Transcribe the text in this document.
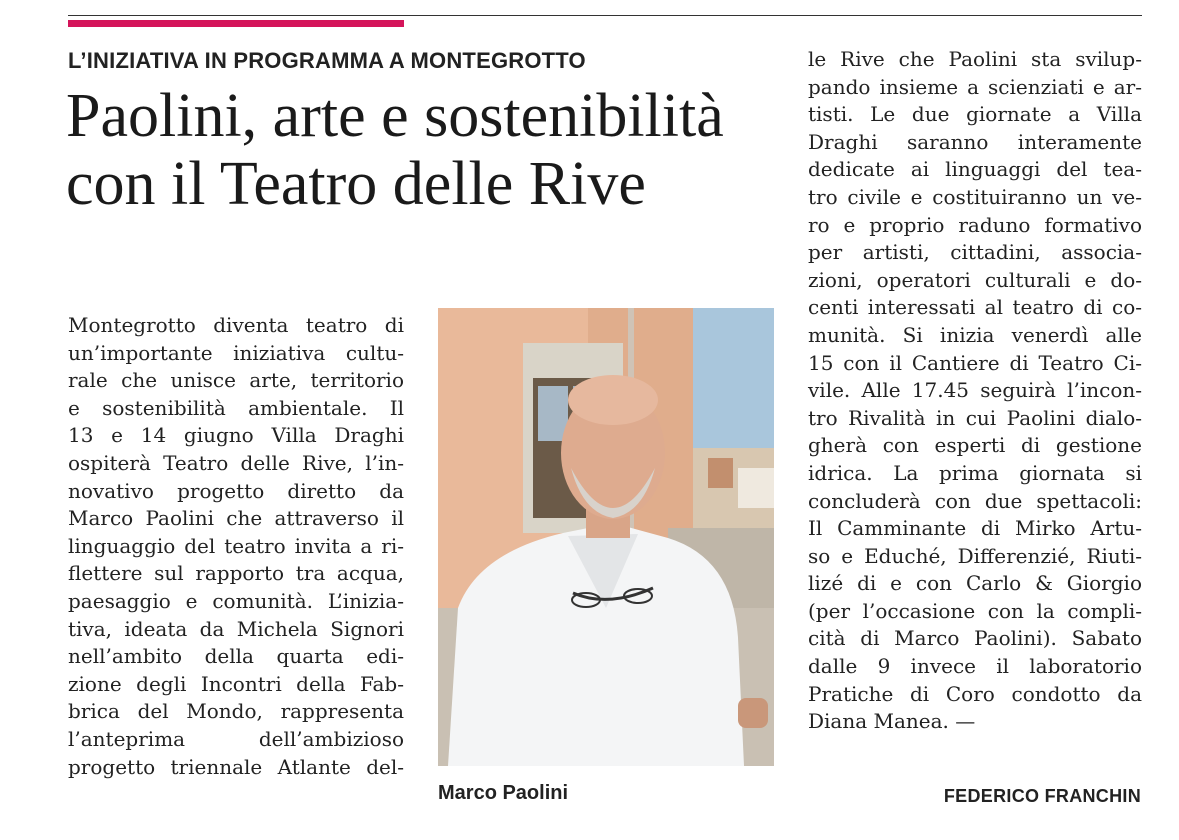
L’INIZIATIVA IN PROGRAMMA A MONTEGROTTO
Paolini, arte e sostenibilità
con il Teatro delle Rive
Montegrotto diventa teatro di
un’importante iniziativa cultu-
rale che unisce arte, territorio
e sostenibilità ambientale. Il
13 e 14 giugno Villa Draghi
ospiterà Teatro delle Rive, l’in-
novativo progetto diretto da
Marco Paolini che attraverso il
linguaggio del teatro invita a ri-
flettere sul rapporto tra acqua,
paesaggio e comunità. L’inizia-
tiva, ideata da Michela Signori
nell’ambito della quarta edi-
zione degli Incontri della Fab-
brica del Mondo, rappresenta
l’anteprima dell’ambizioso
progetto triennale Atlante del-
Marco Paolini
le Rive che Paolini sta svilup-
pando insieme a scienziati e ar-
tisti. Le due giornate a Villa
Draghi saranno interamente
dedicate ai linguaggi del tea-
tro civile e costituiranno un ve-
ro e proprio raduno formativo
per artisti, cittadini, associa-
zioni, operatori culturali e do-
centi interessati al teatro di co-
munità. Si inizia venerdì alle
15 con il Cantiere di Teatro Ci-
vile. Alle 17.45 seguirà l’incon-
tro Rivalità in cui Paolini dialo-
gherà con esperti di gestione
idrica. La prima giornata si
concluderà con due spettacoli:
Il Camminante di Mirko Artu-
so e Eduché, Differenzié, Riuti-
lizé di e con Carlo & Giorgio
(per l’occasione con la compli-
cità di Marco Paolini). Sabato
dalle 9 invece il laboratorio
Pratiche di Coro condotto da
Diana Manea. —
FEDERICO FRANCHIN
